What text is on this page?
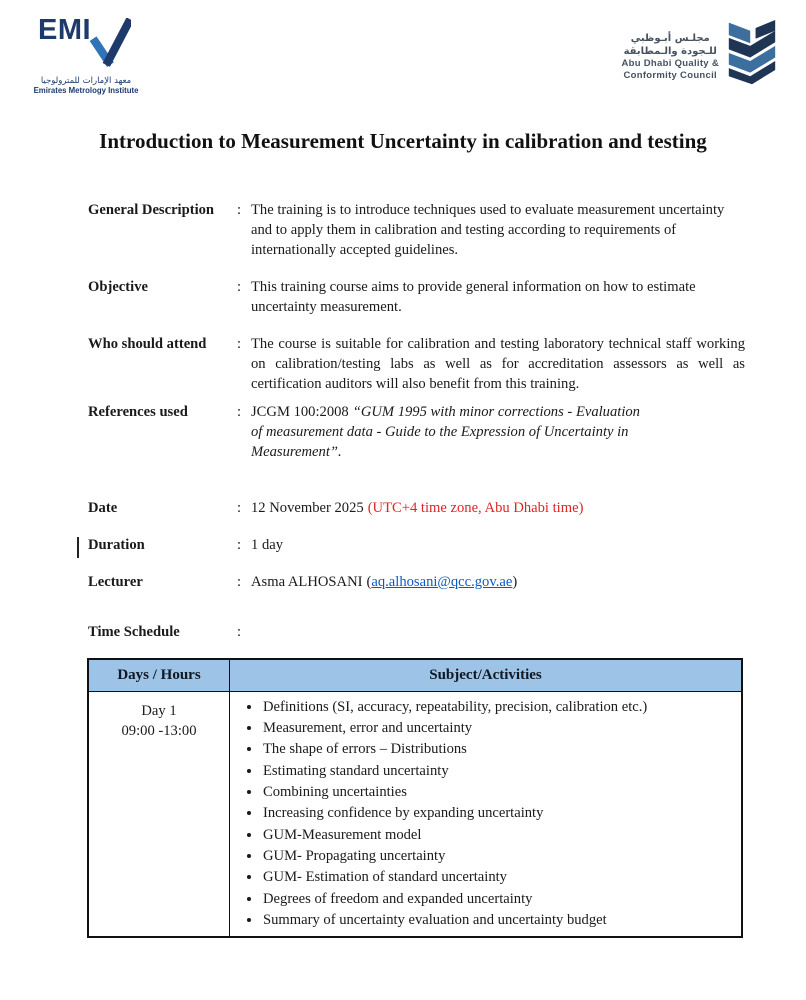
EMI
معهد الإمارات للمترولوجيا
Emirates Metrology Institute
مجلـس أبـوظبي
للـجودة والـمطابقة
Abu Dhabi Quality &
Conformity Council
Introduction to Measurement Uncertainty in calibration and testing
General Description	: The training is to introduce techniques used to evaluate measurement uncertainty and to apply them in calibration and testing according to requirements of internationally accepted guidelines.
Objective	: This training course aims to provide general information on how to estimate uncertainty measurement.
Who should attend	: The course is suitable for calibration and testing laboratory technical staff working on calibration/testing labs as well as for accreditation assessors as well as certification auditors will also benefit from this training.
References used	: JCGM 100:2008 “GUM 1995 with minor corrections - Evaluation
of measurement data - Guide to the Expression of Uncertainty in
Measurement”.
Date	: 12 November 2025 (UTC+4 time zone, Abu Dhabi time)
Duration	: 1 day
Lecturer	: Asma ALHOSANI (aq.alhosani@qcc.gov.ae)
Time Schedule	:
Days / Hours	Subject/Activities

Day 1
09:00 -13:00

• Definitions (SI, accuracy, repeatability, precision, calibration etc.)
• Measurement, error and uncertainty
• The shape of errors – Distributions
• Estimating standard uncertainty
• Combining uncertainties
• Increasing confidence by expanding uncertainty
• GUM-Measurement model
• GUM- Propagating uncertainty
• GUM- Estimation of standard uncertainty
• Degrees of freedom and expanded uncertainty
• Summary of uncertainty evaluation and uncertainty budget
